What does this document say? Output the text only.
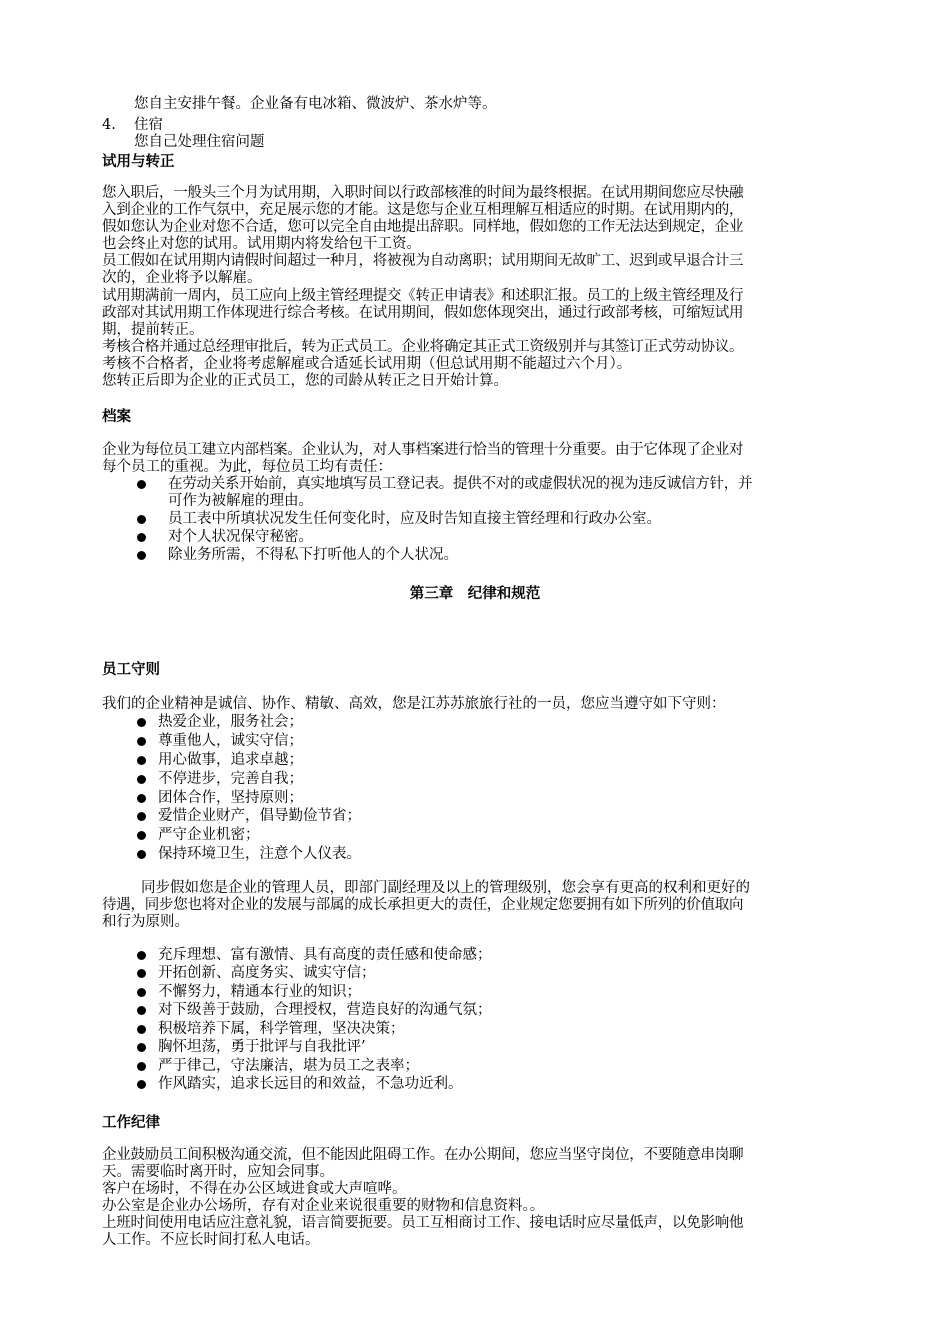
您自主安排午餐。企业备有电冰箱、微波炉、茶水炉等。
4. 住宿
您自己处理住宿问题
试用与转正
您入职后，一般头三个月为试用期，入职时间以行政部核准的时间为最终根据。在试用期间您应尽快融
入到企业的工作气氛中，充足展示您的才能。这是您与企业互相理解互相适应的时期。在试用期内的，
假如您认为企业对您不合适，您可以完全自由地提出辞职。同样地，假如您的工作无法达到规定，企业
也会终止对您的试用。试用期内将发给包干工资。
员工假如在试用期内请假时间超过一种月，将被视为自动离职；试用期间无故旷工、迟到或早退合计三
次的，企业将予以解雇。
试用期满前一周内，员工应向上级主管经理提交《转正申请表》和述职汇报。员工的上级主管经理及行
政部对其试用期工作体现进行综合考核。在试用期间，假如您体现突出，通过行政部考核，可缩短试用
期，提前转正。
考核合格并通过总经理审批后，转为正式员工。企业将确定其正式工资级别并与其签订正式劳动协议。
考核不合格者，企业将考虑解雇或合适延长试用期（但总试用期不能超过六个月）。
您转正后即为企业的正式员工，您的司龄从转正之日开始计算。
档案
企业为每位员工建立内部档案。企业认为，对人事档案进行恰当的管理十分重要。由于它体现了企业对
每个员工的重视。为此，每位员工均有责任：
在劳动关系开始前，真实地填写员工登记表。提供不对的或虚假状况的视为违反诚信方针，并
可作为被解雇的理由。
员工表中所填状况发生任何变化时，应及时告知直接主管经理和行政办公室。
对个人状况保守秘密。
除业务所需，不得私下打听他人的个人状况。
第三章　纪律和规范
员工守则
我们的企业精神是诚信、协作、精敏、高效，您是江苏苏旅旅行社的一员，您应当遵守如下守则：
热爱企业，服务社会；
尊重他人，诚实守信；
用心做事，追求卓越；
不停进步，完善自我；
团体合作，坚持原则；
爱惜企业财产，倡导勤俭节省；
严守企业机密；
保持环境卫生，注意个人仪表。
同步假如您是企业的管理人员，即部门副经理及以上的管理级别，您会享有更高的权利和更好的
待遇，同步您也将对企业的发展与部属的成长承担更大的责任，企业规定您要拥有如下所列的价值取向
和行为原则。
充斥理想、富有激情、具有高度的责任感和使命感；
开拓创新、高度务实、诚实守信；
不懈努力，精通本行业的知识；
对下级善于鼓励，合理授权，营造良好的沟通气氛；
积极培养下属，科学管理，坚决决策；
胸怀坦荡，勇于批评与自我批评’
严于律己，守法廉洁，堪为员工之表率；
作风踏实，追求长远目的和效益，不急功近利。
工作纪律
企业鼓励员工间积极沟通交流，但不能因此阻碍工作。在办公期间，您应当坚守岗位，不要随意串岗聊
天。需要临时离开时，应知会同事。
客户在场时，不得在办公区域进食或大声喧哗。
办公室是企业办公场所，存有对企业来说很重要的财物和信息资料。。
上班时间使用电话应注意礼貌，语言简要扼要。员工互相商讨工作、接电话时应尽量低声，以免影响他
人工作。不应长时间打私人电话。
